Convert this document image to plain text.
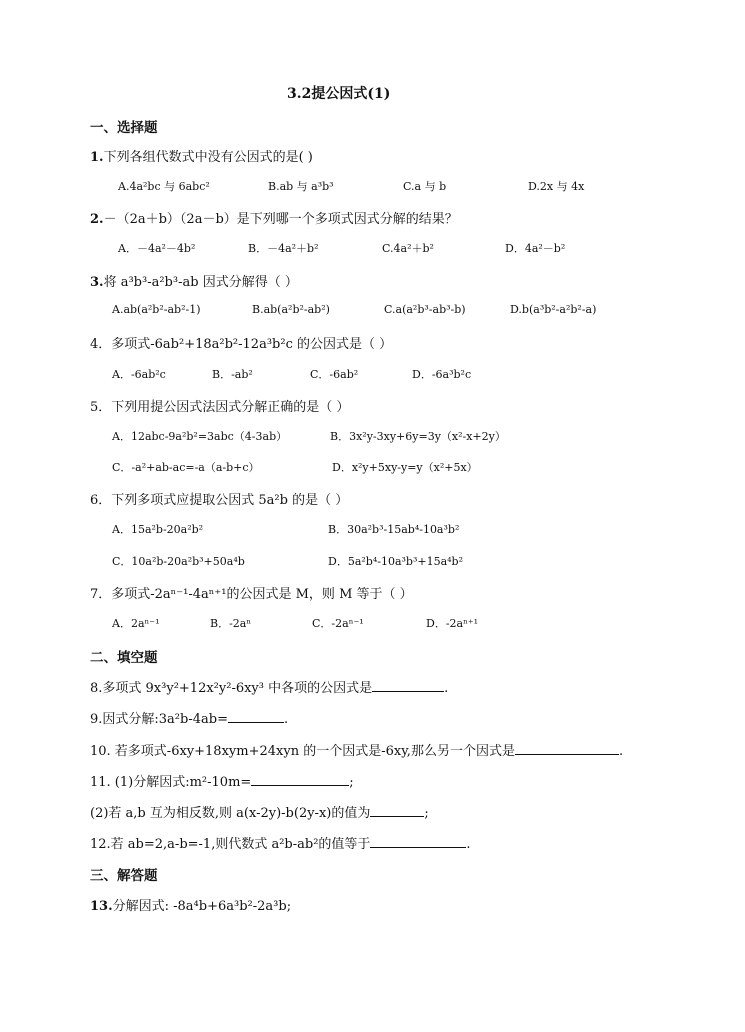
3.2提公因式(1)
一、选择题
1.下列各组代数式中没有公因式的是( )
A.4a²bc 与 6abc²	B.ab 与 a³b³	C.a 与 b	D.2x 与 4x
2.－（2a＋b）（2a－b）是下列哪一个多项式因式分解的结果？
A．－4a²－4b²	B．－4a²＋b²	C.4a²＋b²	D．4a²－b²
3.将 a³b³-a²b³-ab 因式分解得（ ）
A.ab(a²b²-ab²-1)	B.ab(a²b²-ab²)	C.a(a²b³-ab³-b)	D.b(a³b²-a²b²-a)
4．多项式-6ab²+18a²b²-12a³b²c 的公因式是（ ）
A．-6ab²c	B．-ab²	C．-6ab²	D．-6a³b²c
5．下列用提公因式法因式分解正确的是（ ）
A．12abc-9a²b²=3abc（4-3ab）	B．3x²y-3xy+6y=3y（x²-x+2y）
C．-a²+ab-ac=-a（a-b+c）	D．x²y+5xy-y=y（x²+5x）
6．下列多项式应提取公因式 5a²b 的是（ ）
A．15a²b-20a²b²	B．30a²b³-15ab⁴-10a³b²
C．10a²b-20a²b³+50a⁴b	D．5a²b⁴-10a³b³+15a⁴b²
7．多项式-2aⁿ⁻¹-4aⁿ⁺¹的公因式是 M，则 M 等于（ ）
A．2aⁿ⁻¹	B．-2aⁿ	C．-2aⁿ⁻¹	D．-2aⁿ⁺¹
二、填空题
8.多项式 9x³y²+12x²y²-6xy³ 中各项的公因式是	.
9.因式分解:3a²b-4ab=	.
10. 若多项式-6xy+18xym+24xyn 的一个因式是-6xy,那么另一个因式是	.
11. (1)分解因式:m²-10m=	;
(2)若 a,b 互为相反数,则 a(x-2y)-b(2y-x)的值为	;
12.若 ab=2,a-b=-1,则代数式 a²b-ab²的值等于	.
三、解答题
13.分解因式: -8a⁴b+6a³b²-2a³b;
